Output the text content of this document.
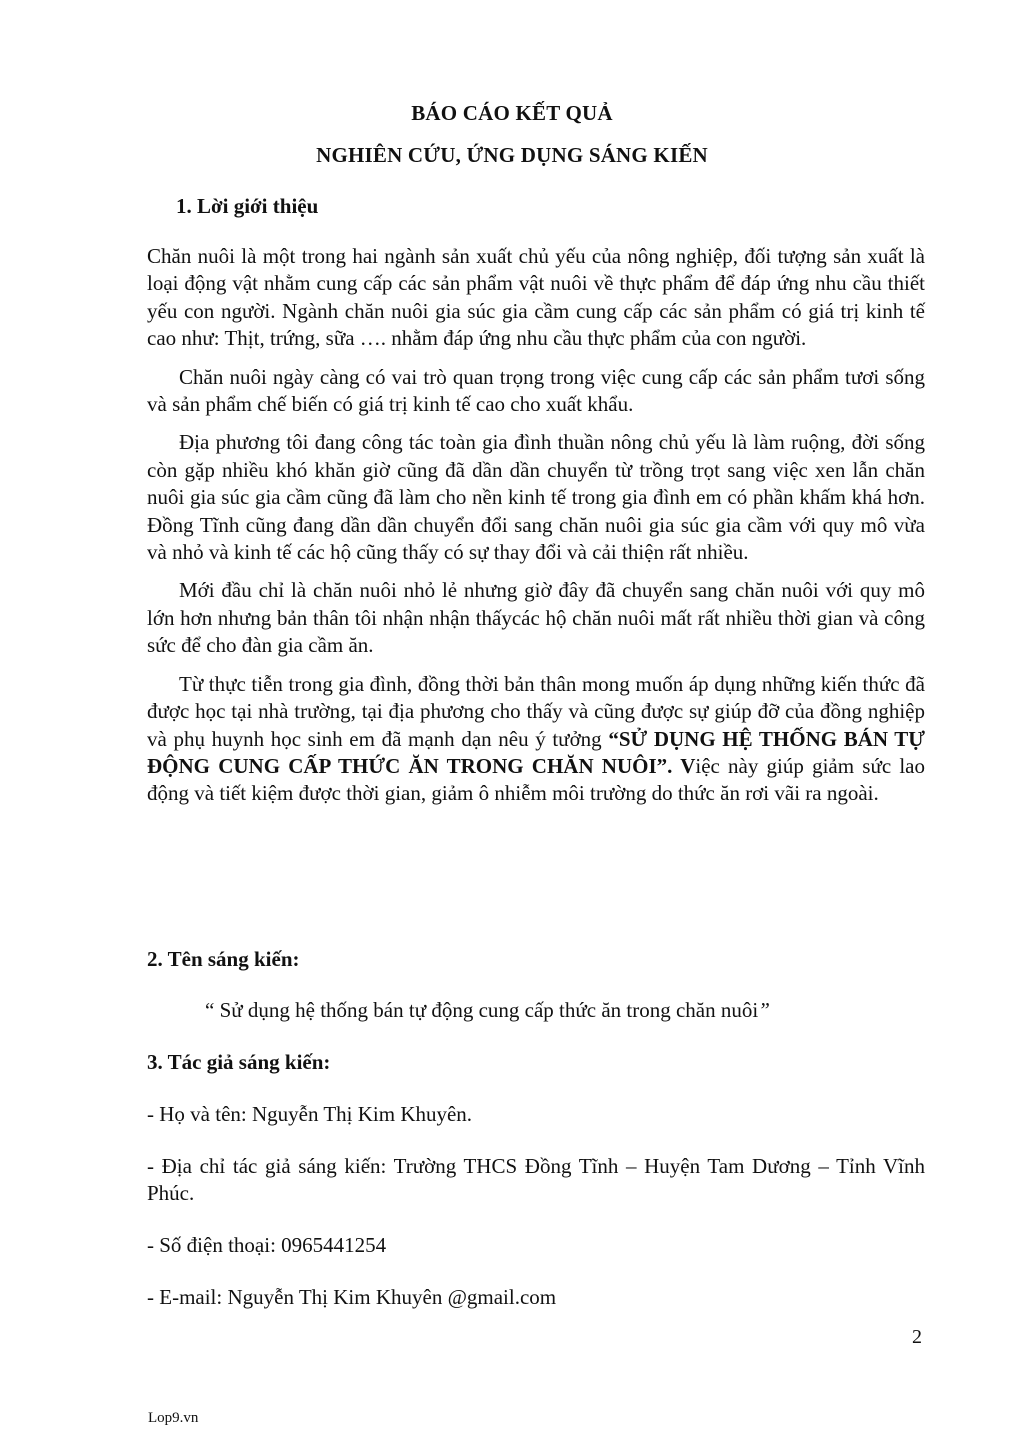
BÁO CÁO KẾT QUẢ
NGHIÊN CỨU, ỨNG DỤNG SÁNG KIẾN
1. Lời giới thiệu

Chăn nuôi là một trong hai ngành sản xuất chủ yếu của nông nghiệp, đối tượng sản xuất là loại động vật nhằm cung cấp các sản phẩm vật nuôi về thực phẩm để đáp ứng nhu cầu thiết yếu con người. Ngành chăn nuôi gia súc gia cầm cung cấp các sản phẩm có giá trị kinh tế cao như: Thịt, trứng, sữa …. nhằm đáp ứng nhu cầu thực phẩm của con người.

Chăn nuôi ngày càng có vai trò quan trọng trong việc cung cấp các sản phẩm tươi sống và sản phẩm chế biến có giá trị kinh tế cao cho xuất khẩu.

Địa phương tôi đang công tác toàn gia đình thuần nông chủ yếu là làm ruộng, đời sống còn gặp nhiều khó khăn giờ cũng đã dần dần chuyển từ trồng trọt sang việc xen lẫn chăn nuôi gia súc gia cầm cũng đã làm cho nền kinh tế trong gia đình em có phần khấm khá hơn. Đồng Tĩnh cũng đang dần dần chuyển đổi sang chăn nuôi gia súc gia cầm với quy mô vừa và nhỏ và kinh tế các hộ cũng thấy có sự thay đổi và cải thiện rất nhiều.

Mới đầu chỉ là chăn nuôi nhỏ lẻ nhưng giờ đây đã chuyển sang chăn nuôi với quy mô lớn hơn nhưng bản thân tôi nhận nhận thấycác hộ chăn nuôi mất rất nhiều thời gian và công sức để cho đàn gia cầm ăn.

Từ thực tiễn trong gia đình, đồng thời bản thân mong muốn áp dụng những kiến thức đã được học tại nhà trường, tại địa phương cho thấy và cũng được sự giúp đỡ của đồng nghiệp và phụ huynh học sinh em đã mạnh dạn nêu ý tưởng “SỬ DỤNG HỆ THỐNG BÁN TỰ ĐỘNG CUNG CẤP THỨC ĂN TRONG CHĂN NUÔI”. Việc này giúp giảm sức lao động và tiết kiệm được thời gian, giảm ô nhiễm môi trường do thức ăn rơi vãi ra ngoài.

2. Tên sáng kiến:
“ Sử dụng hệ thống bán tự động cung cấp thức ăn trong chăn nuôi”
3. Tác giả sáng kiến:
- Họ và tên: Nguyễn Thị Kim Khuyên.
- Địa chỉ tác giả sáng kiến: Trường THCS Đồng Tĩnh – Huyện Tam Dương – Tỉnh Vĩnh Phúc.
- Số điện thoại: 0965441254
- E-mail: Nguyễn Thị Kim Khuyên @gmail.com
2
Lop9.vn
